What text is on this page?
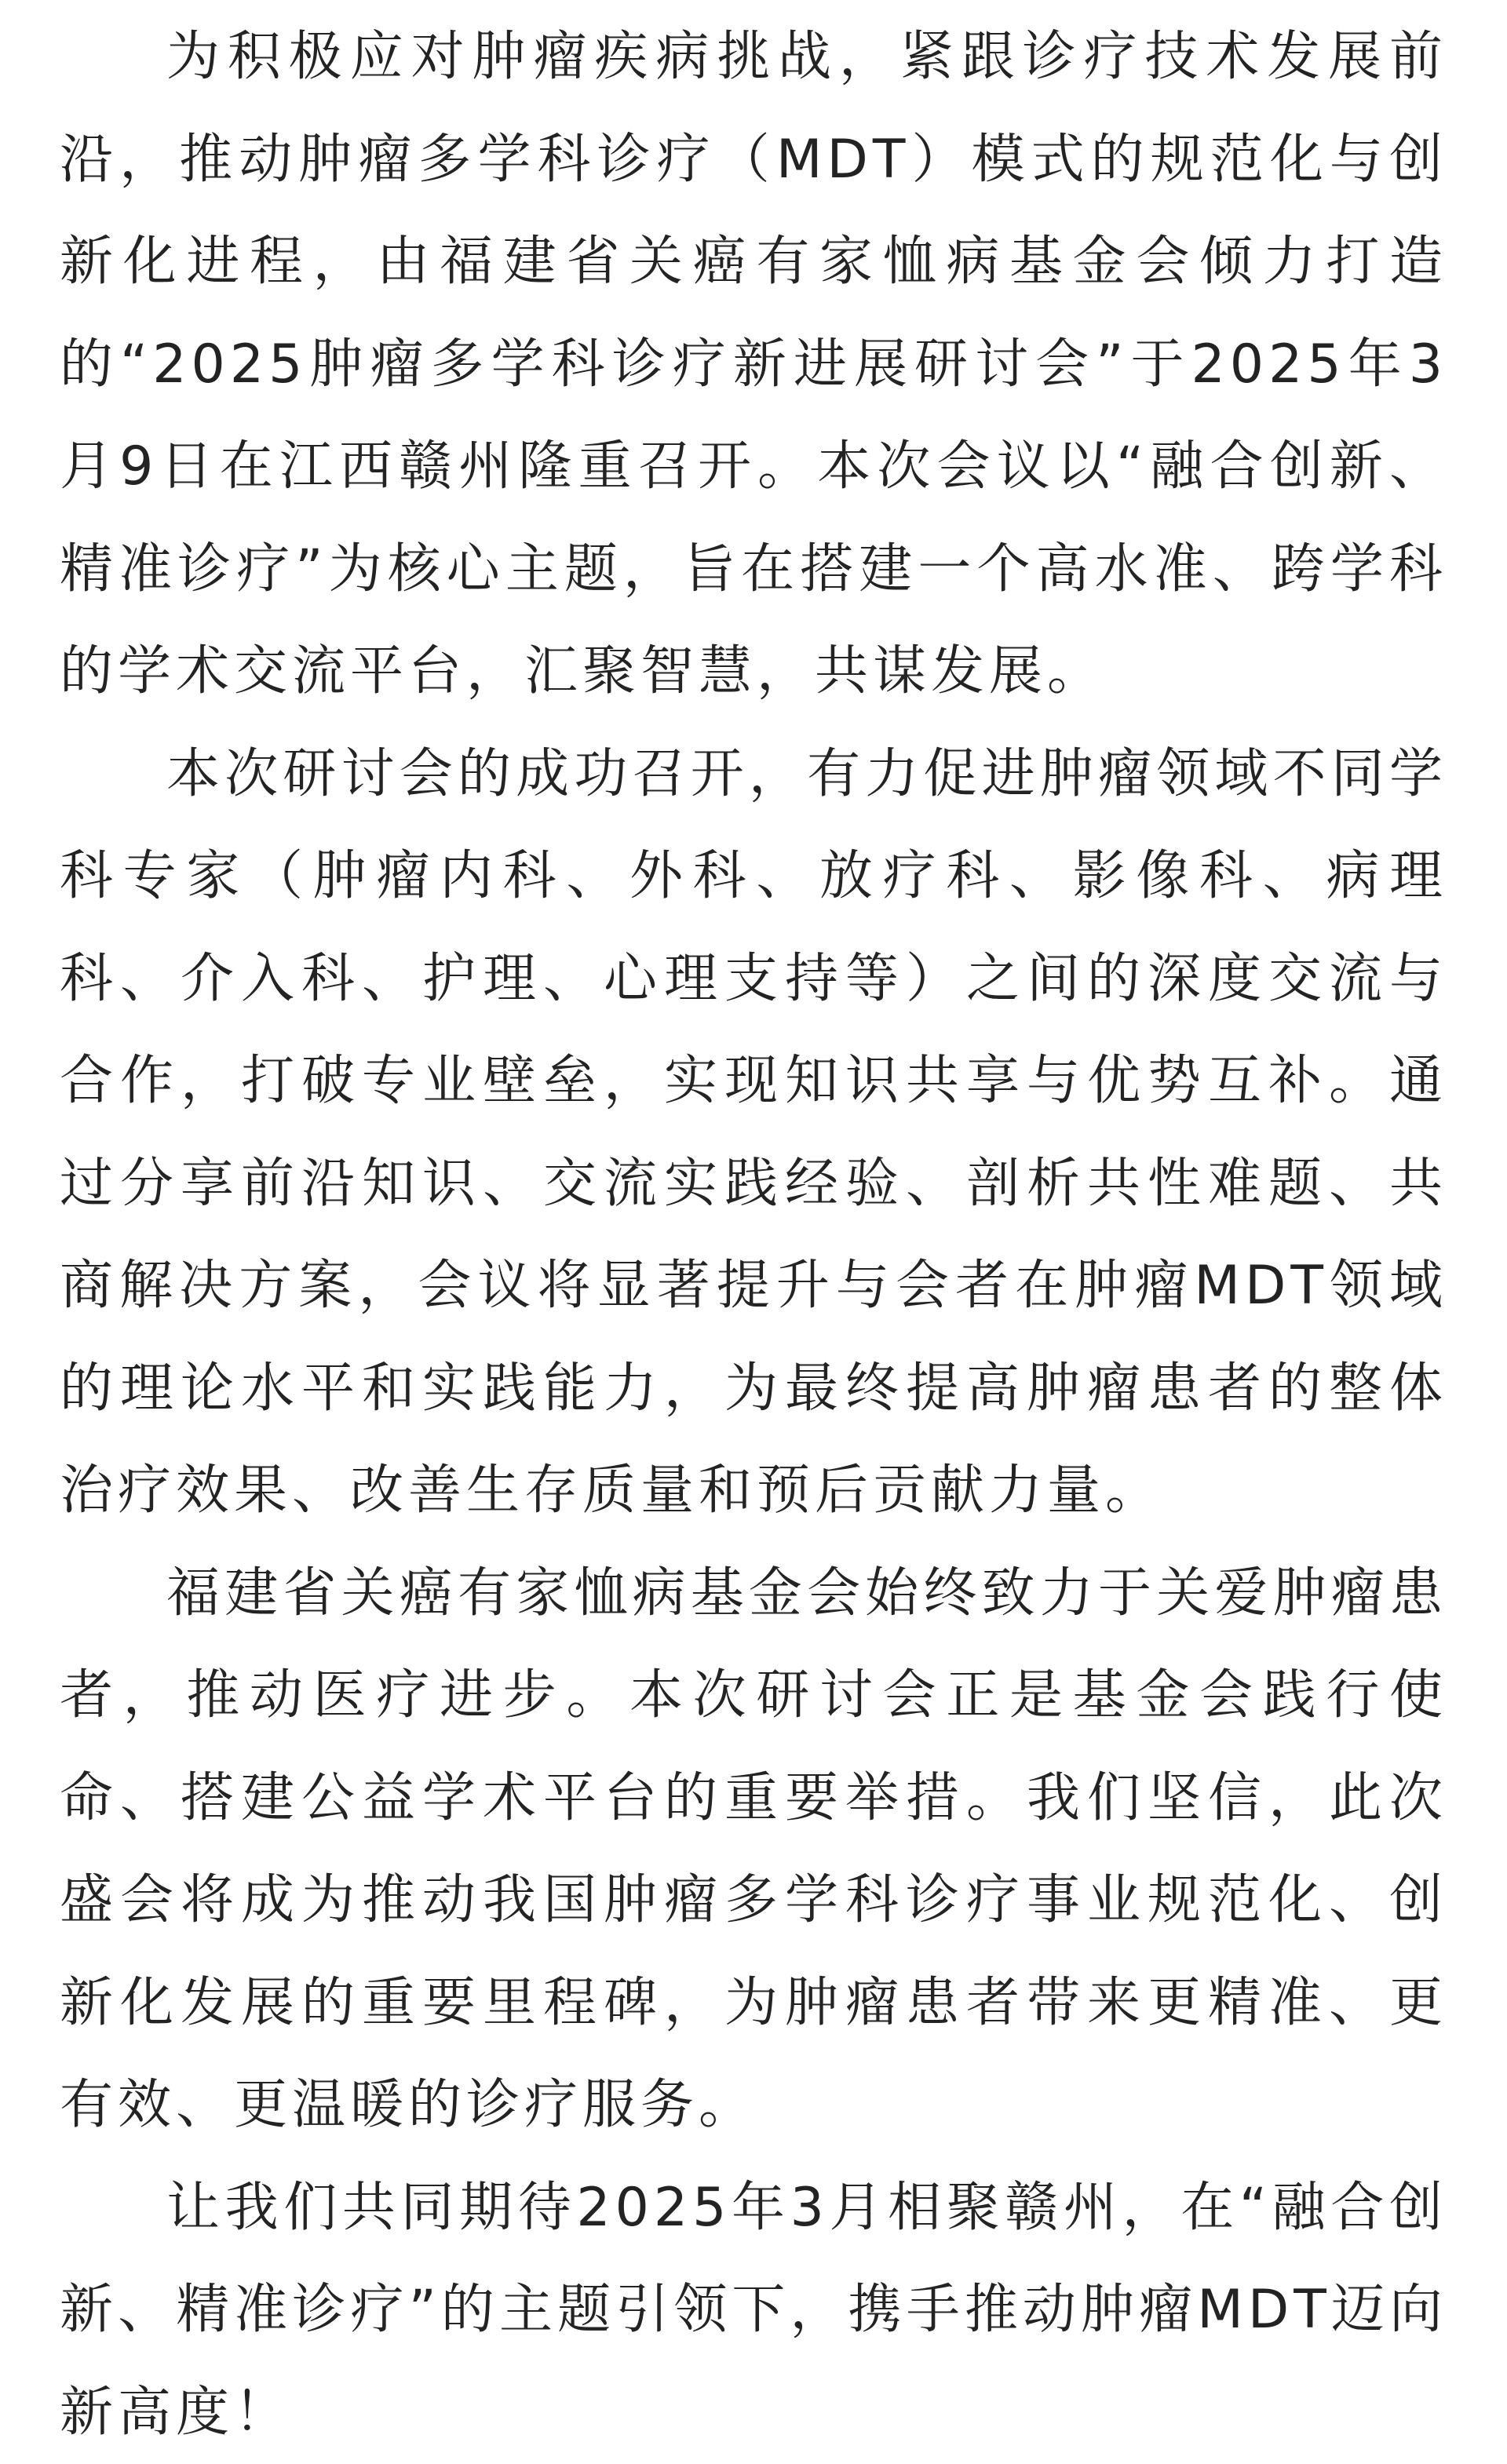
为积极应对肿瘤疾病挑战，紧跟诊疗技术发展前沿，推动肿瘤多学科诊疗（MDT）模式的规范化与创新化进程，由福建省关癌有家恤病基金会倾力打造的“2025肿瘤多学科诊疗新进展研讨会”于2025年3月9日在江西赣州隆重召开。本次会议以“融合创新、精准诊疗”为核心主题，旨在搭建一个高水准、跨学科的学术交流平台，汇聚智慧，共谋发展。

本次研讨会的成功召开，有力促进肿瘤领域不同学科专家（肿瘤内科、外科、放疗科、影像科、病理科、介入科、护理、心理支持等）之间的深度交流与合作，打破专业壁垒，实现知识共享与优势互补。通过分享前沿知识、交流实践经验、剖析共性难题、共商解决方案，会议将显著提升与会者在肿瘤MDT领域的理论水平和实践能力，为最终提高肿瘤患者的整体治疗效果、改善生存质量和预后贡献力量。

福建省关癌有家恤病基金会始终致力于关爱肿瘤患者，推动医疗进步。本次研讨会正是基金会践行使命、搭建公益学术平台的重要举措。我们坚信，此次盛会将成为推动我国肿瘤多学科诊疗事业规范化、创新化发展的重要里程碑，为肿瘤患者带来更精准、更有效、更温暖的诊疗服务。

让我们共同期待2025年3月相聚赣州，在“融合创新、精准诊疗”的主题引领下，携手推动肿瘤MDT迈向新高度！
